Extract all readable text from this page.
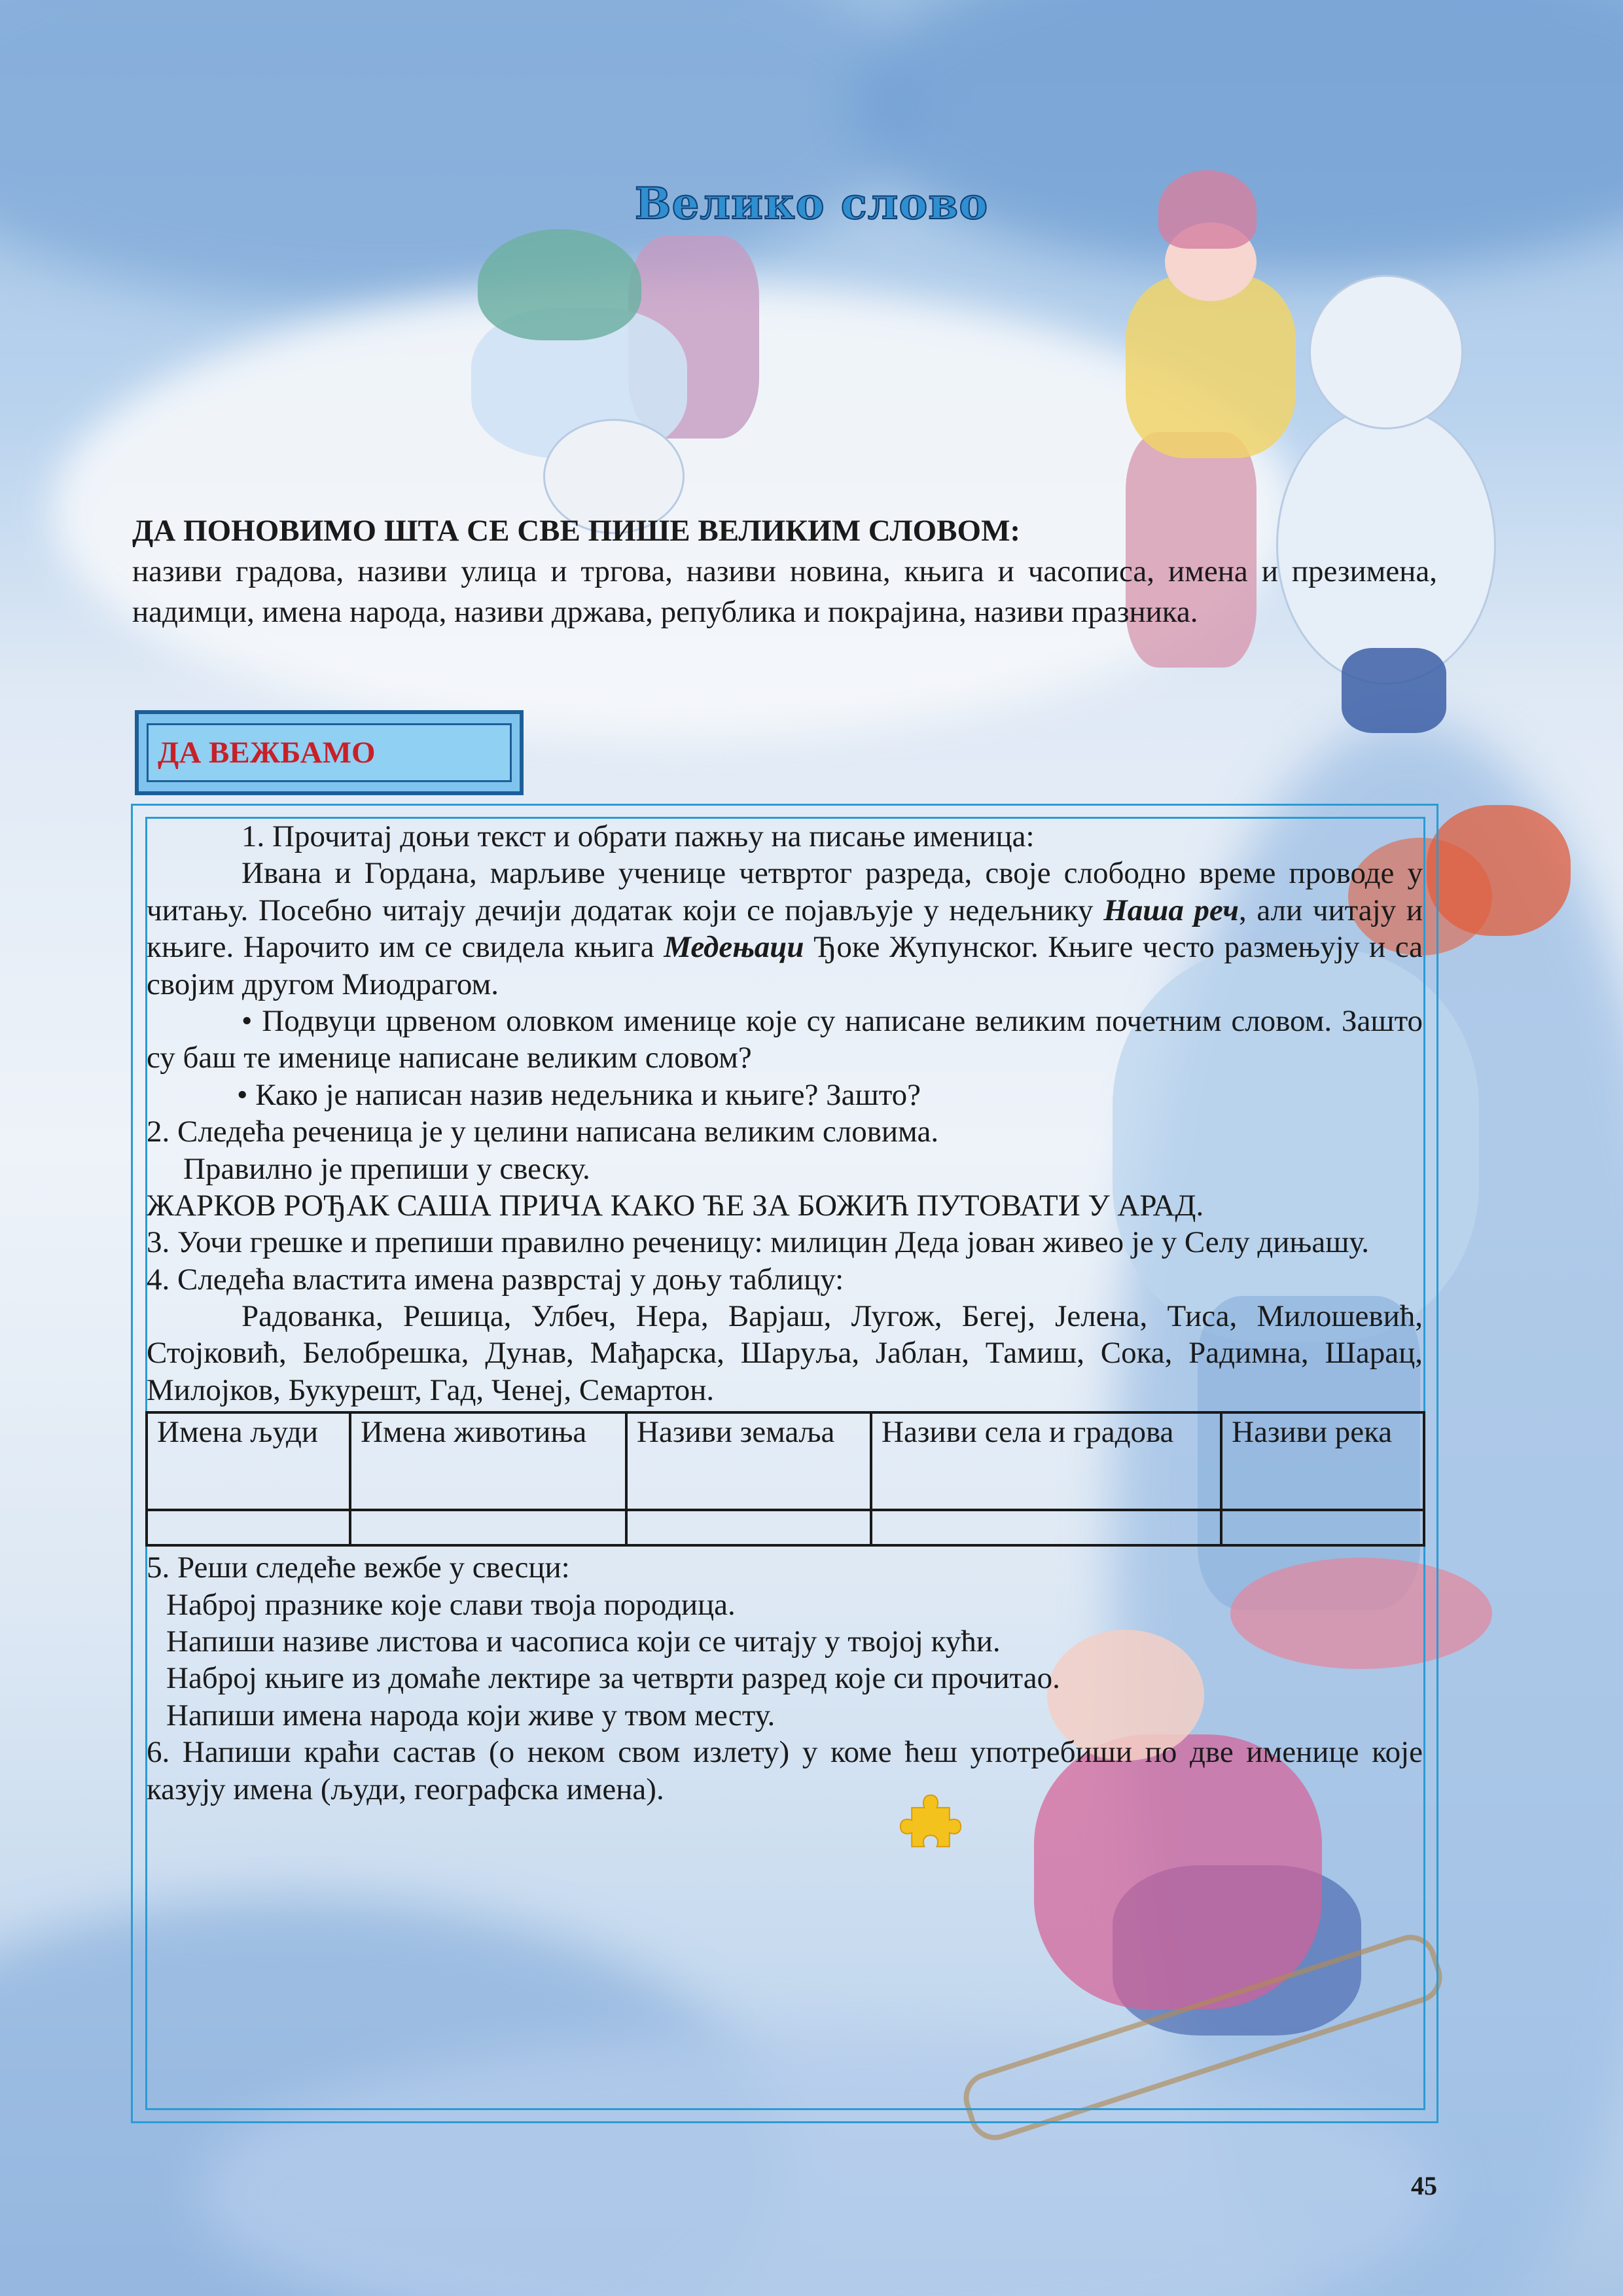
Велико слово
ДА ПОНОВИМО ШТА СЕ СВЕ ПИШЕ ВЕЛИКИМ СЛОВОМ:
називи градова, називи улица и тргова, називи новина, књига и часописа, имена и презимена, надимци, имена народа, називи држава, република и покрајина, називи празника.
ДА ВЕЖБАМО

1. Прочитај доњи текст и обрати пажњу на писање именица:

Ивана и Гордана, марљиве ученице четвртог разреда, своје слободно време проводе у читању. Посебно читају дечији додатак који се појављује у недељнику Наша реч, али читају и књиге. Нарочито им се свидела књига Медењаци Ђоке Жупунског. Књиге често размењују и са својим другом Миодрагом.

• Подвуци црвеном оловком именице које су написане великим почетним словом. Зашто су баш те именице написане великим словом?

• Како је написан назив недељника и књиге? Зашто?

2. Следећа реченица је у целини написана великим словима.

Правилно је препиши у свеску.

ЖАРКОВ РОЂАК САША ПРИЧА КАКО ЋЕ ЗА БОЖИЋ ПУТОВАТИ У АРАД.

3. Уочи грешке и препиши правилно реченицу: милицин Деда јован живео је у Селу дињашу.

4. Следећа властита имена разврстај у доњу таблицу:

Радованка, Решица, Улбеч, Нера, Варјаш, Лугож, Бегеј, Јелена, Тиса, Милошевић, Стојковић, Белобрешка, Дунав, Мађарска, Шаруља, Јаблан, Тамиш, Сока, Радимна, Шарац, Милојков, Букурешт, Гад, Ченеј, Семартон.

Имена људи	Имена животиња	Називи земаља	Називи села и градова	Називи река

5. Реши следеће вежбе у свесци:

Наброј празнике које слави твоја породица.

Напиши називе листова и часописа који се читају у твојој кући.

Наброј књиге из домаће лектире за четврти разред које си прочитао.

Напиши имена народа који живе у твом месту.

6. Напиши краћи састав (о неком свом излету) у коме ћеш употребиши по две именице које казују имена (људи, географска имена).

45
